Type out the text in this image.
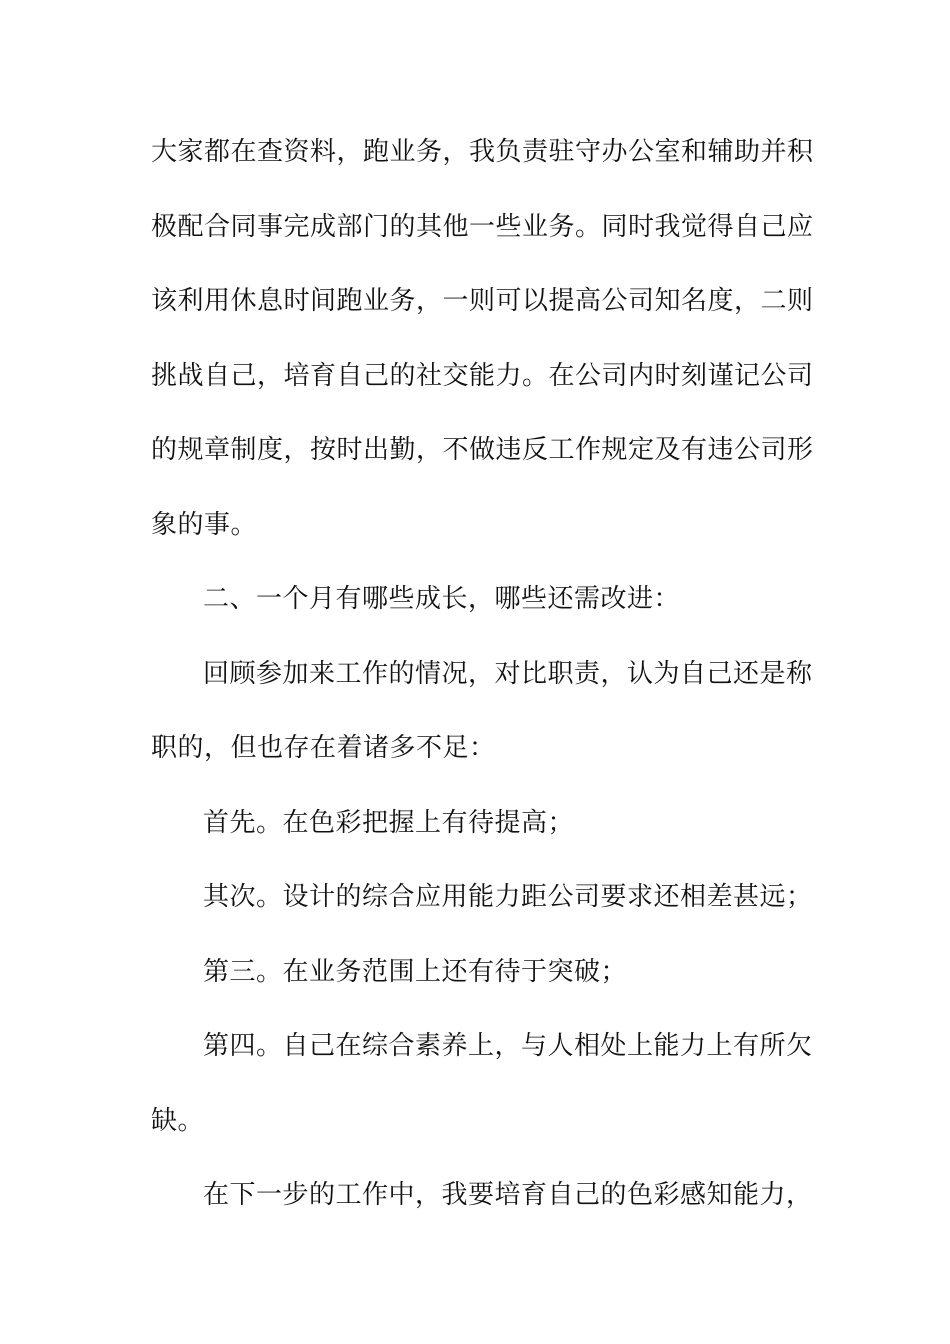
大家都在查资料，跑业务，我负责驻守办公室和辅助并积
极配合同事完成部门的其他一些业务。同时我觉得自己应
该利用休息时间跑业务，一则可以提高公司知名度，二则
挑战自己，培育自己的社交能力。在公司内时刻谨记公司
的规章制度，按时出勤，不做违反工作规定及有违公司形
象的事。
二、一个月有哪些成长，哪些还需改进：
回顾参加来工作的情况，对比职责，认为自己还是称
职的，但也存在着诸多不足：
首先。在色彩把握上有待提高；
其次。设计的综合应用能力距公司要求还相差甚远；
第三。在业务范围上还有待于突破；
第四。自己在综合素养上，与人相处上能力上有所欠
缺。
在下一步的工作中，我要培育自己的色彩感知能力，
